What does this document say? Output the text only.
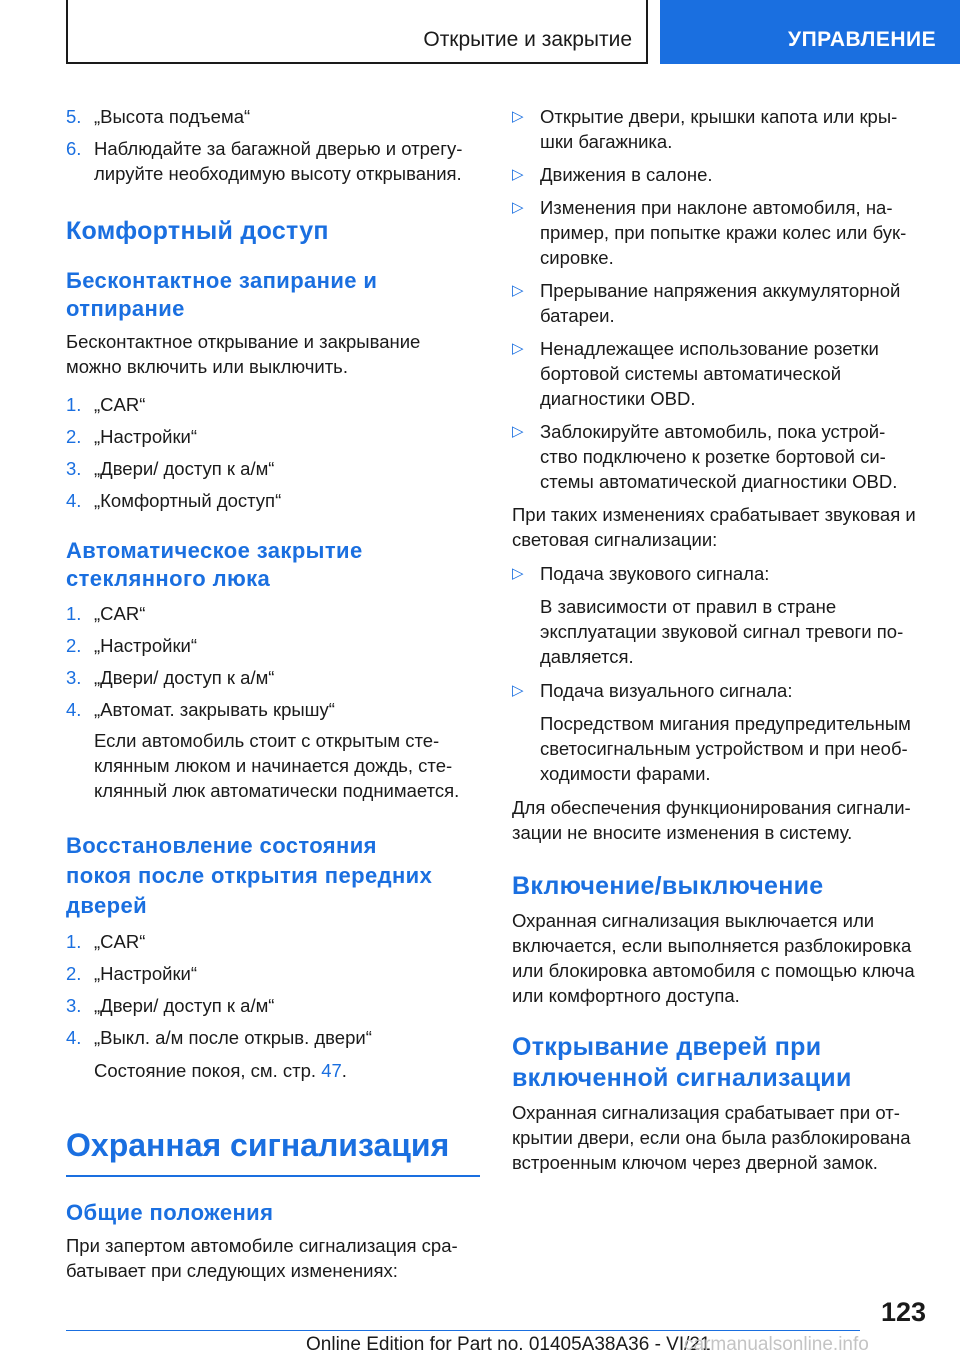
Открытие и закрытие	УПРАВЛЕНИЕ
5. „Высота подъема“
6. Наблюдайте за багажной дверью и отрегу-
лируйте необходимую высоту открывания.
Комфортный доступ
Бесконтактное запирание и
отпирание

Бесконтактное открывание и закрывание
можно включить или выключить.

1. „CAR“
2. „Настройки“
3. „Двери/ доступ к а/м“
4. „Комфортный доступ“
Автоматическое закрытие
стеклянного люка
1. „CAR“
2. „Настройки“
3. „Двери/ доступ к а/м“
4. „Автомат. закрывать крышу“
Если автомобиль стоит с открытым сте-
клянным люком и начинается дождь, сте-
клянный люк автоматически поднимается.
Восстановление состояния
покоя после открытия передних
дверей
1. „CAR“
2. „Настройки“
3. „Двери/ доступ к а/м“
4. „Выкл. а/м после открыв. двери“
Состояние покоя, см. стр. 47.
Охранная сигнализация
Общие положения

При запертом автомобиле сигнализация сра-
батывает при следующих изменениях:

▷ Открытие двери, крышки капота или кры-
шки багажника.
▷ Движения в салоне.
▷ Изменения при наклоне автомобиля, на-
пример, при попытке кражи колес или бук-
сировке.
▷ Прерывание напряжения аккумуляторной
батареи.
▷ Ненадлежащее использование розетки
бортовой системы автоматической
диагностики OBD.
▷ Заблокируйте автомобиль, пока устрой-
ство подключено к розетке бортовой си-
стемы автоматической диагностики OBD.

При таких изменениях срабатывает звуковая и
световая сигнализации:

▷ Подача звукового сигнала:
В зависимости от правил в стране
эксплуатации звуковой сигнал тревоги по-
давляется.
▷ Подача визуального сигнала:
Посредством мигания предупредительным
светосигнальным устройством и при необ-
ходимости фарами.

Для обеспечения функционирования сигнали-
зации не вносите изменения в систему.

Включение/выключение

Охранная сигнализация выключается или
включается, если выполняется разблокировка
или блокировка автомобиля с помощью ключа
или комфортного доступа.

Открывание дверей при
включенной сигнализации

Охранная сигнализация срабатывает при от-
крытии двери, если она была разблокирована
встроенным ключом через дверной замок.

123
Online Edition for Part no. 01405A38A36 - VI/21
carmanualsonline.info
